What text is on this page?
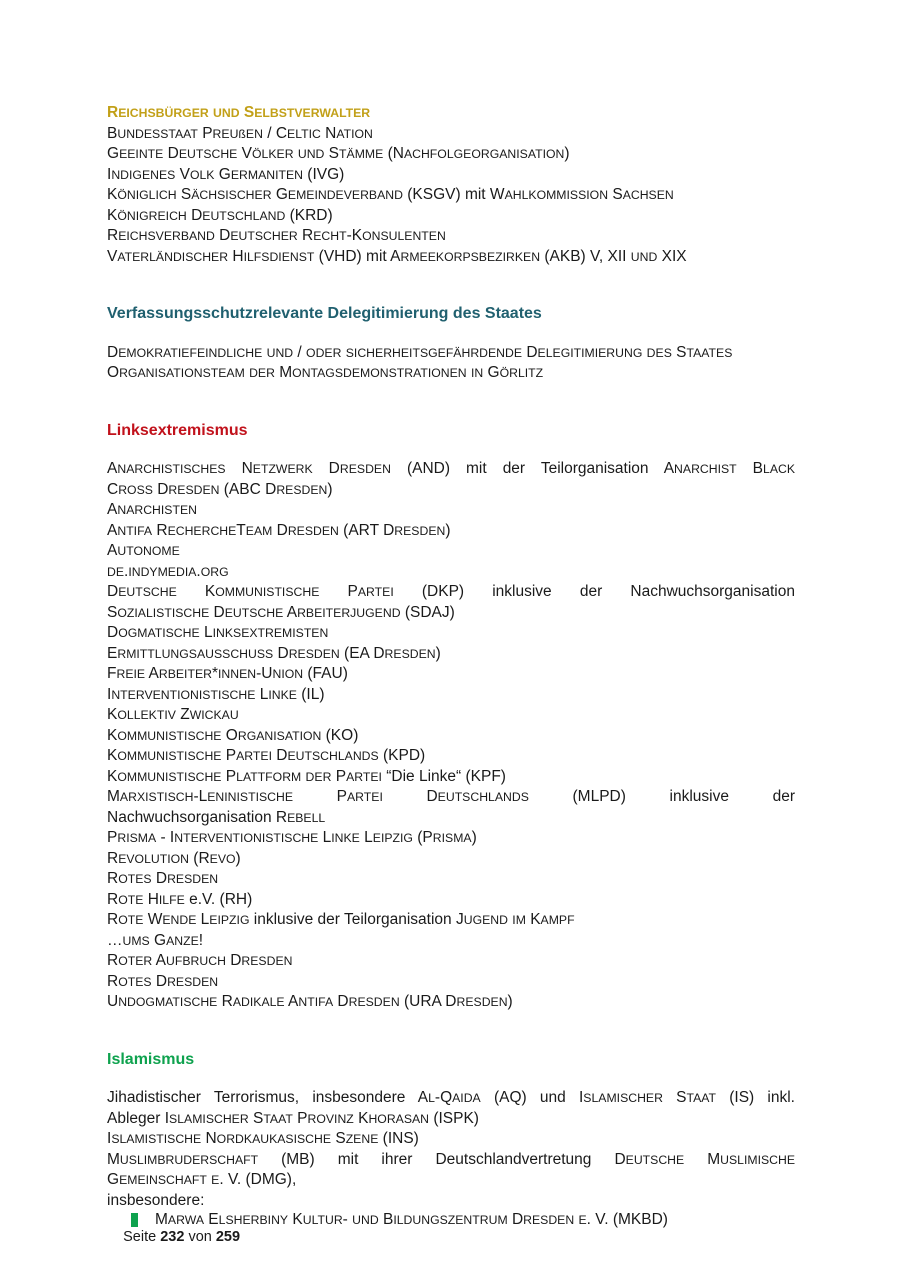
REICHSBÜRGER UND SELBSTVERWALTER
BUNDESSTAAT PREUßEN / CELTIC NATION
GEEINTE DEUTSCHE VÖLKER UND STÄMME (NACHFOLGEORGANISATION)
INDIGENES VOLK GERMANITEN (IVG)
KÖNIGLICH SÄCHSISCHER GEMEINDEVERBAND (KSGV) mit WAHLKOMMISSION SACHSEN
KÖNIGREICH DEUTSCHLAND (KRD)
REICHSVERBAND DEUTSCHER RECHT-KONSULENTEN
VATERLÄNDISCHER HILFSDIENST (VHD) mit ARMEEKORPSBEZIRKEN (AKB) V, XII UND XIX
Verfassungsschutzrelevante Delegitimierung des Staates
DEMOKRATIEFEINDLICHE UND / ODER SICHERHEITSGEFÄHRDENDE DELEGITIMIERUNG DES STAATES
ORGANISATIONSTEAM DER MONTAGSDEMONSTRATIONEN IN GÖRLITZ
Linksextremismus
ANARCHISTISCHES NETZWERK DRESDEN (AND) mit der Teilorganisation ANARCHIST BLACK
CROSS DRESDEN (ABC DRESDEN)
ANARCHISTEN
ANTIFA RECHERCHETEAM DRESDEN (ART DRESDEN)
AUTONOME
DE.INDYMEDIA.ORG
DEUTSCHE KOMMUNISTISCHE PARTEI (DKP) inklusive der Nachwuchsorganisation
SOZIALISTISCHE DEUTSCHE ARBEITERJUGEND (SDAJ)
DOGMATISCHE LINKSEXTREMISTEN
ERMITTLUNGSAUSSCHUSS DRESDEN (EA DRESDEN)
FREIE ARBEITER*INNEN-UNION (FAU)
INTERVENTIONISTISCHE LINKE (IL)
KOLLEKTIV ZWICKAU
KOMMUNISTISCHE ORGANISATION (KO)
KOMMUNISTISCHE PARTEI DEUTSCHLANDS (KPD)
KOMMUNISTISCHE PLATTFORM DER PARTEI “Die Linke“ (KPF)
MARXISTISCH-LENINISTISCHE PARTEI DEUTSCHLANDS (MLPD) inklusive der
Nachwuchsorganisation REBELL
PRISMA - INTERVENTIONISTISCHE LINKE LEIPZIG (PRISMA)
REVOLUTION (REVO)
ROTES DRESDEN
ROTE HILFE e.V. (RH)
ROTE WENDE LEIPZIG inklusive der Teilorganisation JUGEND IM KAMPF
…UMS GANZE!
ROTER AUFBRUCH DRESDEN
ROTES DRESDEN
UNDOGMATISCHE RADIKALE ANTIFA DRESDEN (URA DRESDEN)
Islamismus
Jihadistischer Terrorismus, insbesondere AL-QAIDA (AQ) und ISLAMISCHER STAAT (IS) inkl.
Ableger ISLAMISCHER STAAT PROVINZ KHORASAN (ISPK)
ISLAMISTISCHE NORDKAUKASISCHE SZENE (INS)
MUSLIMBRUDERSCHAFT (MB) mit ihrer Deutschlandvertretung DEUTSCHE MUSLIMISCHE
GEMEINSCHAFT E. V. (DMG),
insbesondere:
MARWA ELSHERBINY KULTUR- UND BILDUNGSZENTRUM DRESDEN E. V. (MKBD)

Seite 232 von 259
